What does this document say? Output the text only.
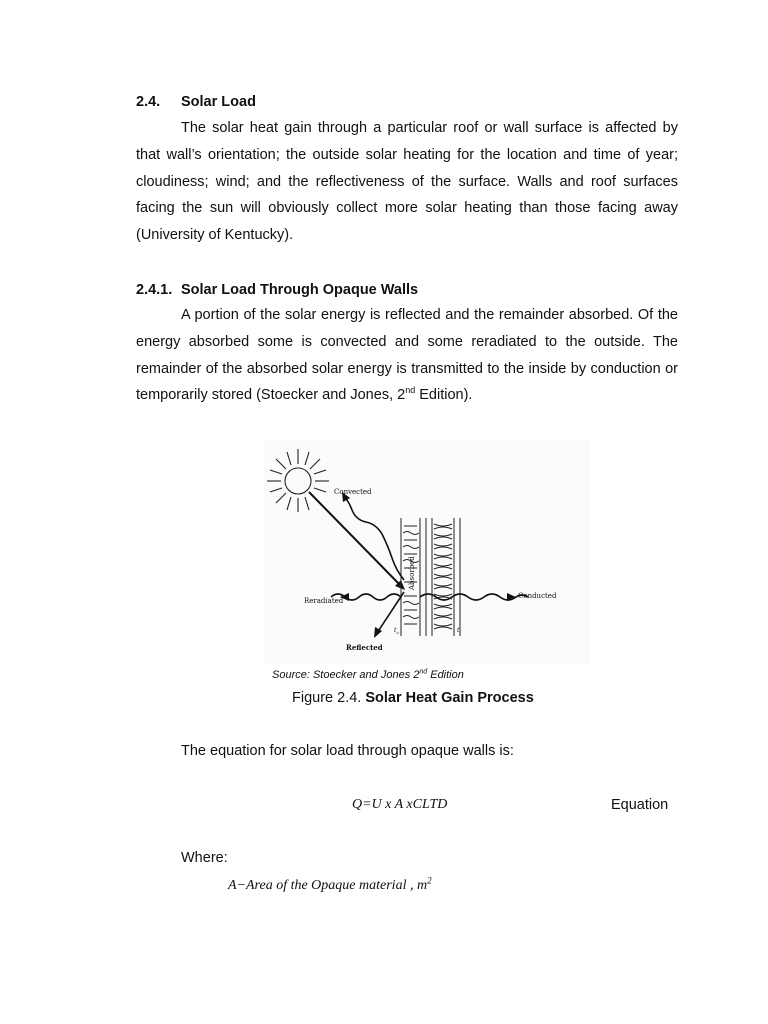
2.4. Solar Load
The solar heat gain through a particular roof or wall surface is affected by that wall’s orientation; the outside solar heating for the location and time of year; cloudiness; wind; and the reflectiveness of the surface. Walls and roof surfaces facing the sun will obviously collect more solar heating than those facing away (University of Kentucky).
2.4.1. Solar Load Through Opaque Walls
A portion of the solar energy is reflected and the remainder absorbed. Of the energy absorbed some is convected and some reradiated to the outside. The remainder of the absorbed solar energy is transmitted to the inside by conduction or temporarily stored (Stoecker and Jones, 2nd Edition).
Convected
Conducted
Reradiated
Reflected
Absorbed
$t_o$	$t_i$
Source: Stoecker and Jones 2nd Edition
Figure 2.4. Solar Heat Gain Process
The equation for solar load through opaque walls is:
Q=U x A xCLTD	Equation
Where:
A−Area of the Opaque material , $m^2$
